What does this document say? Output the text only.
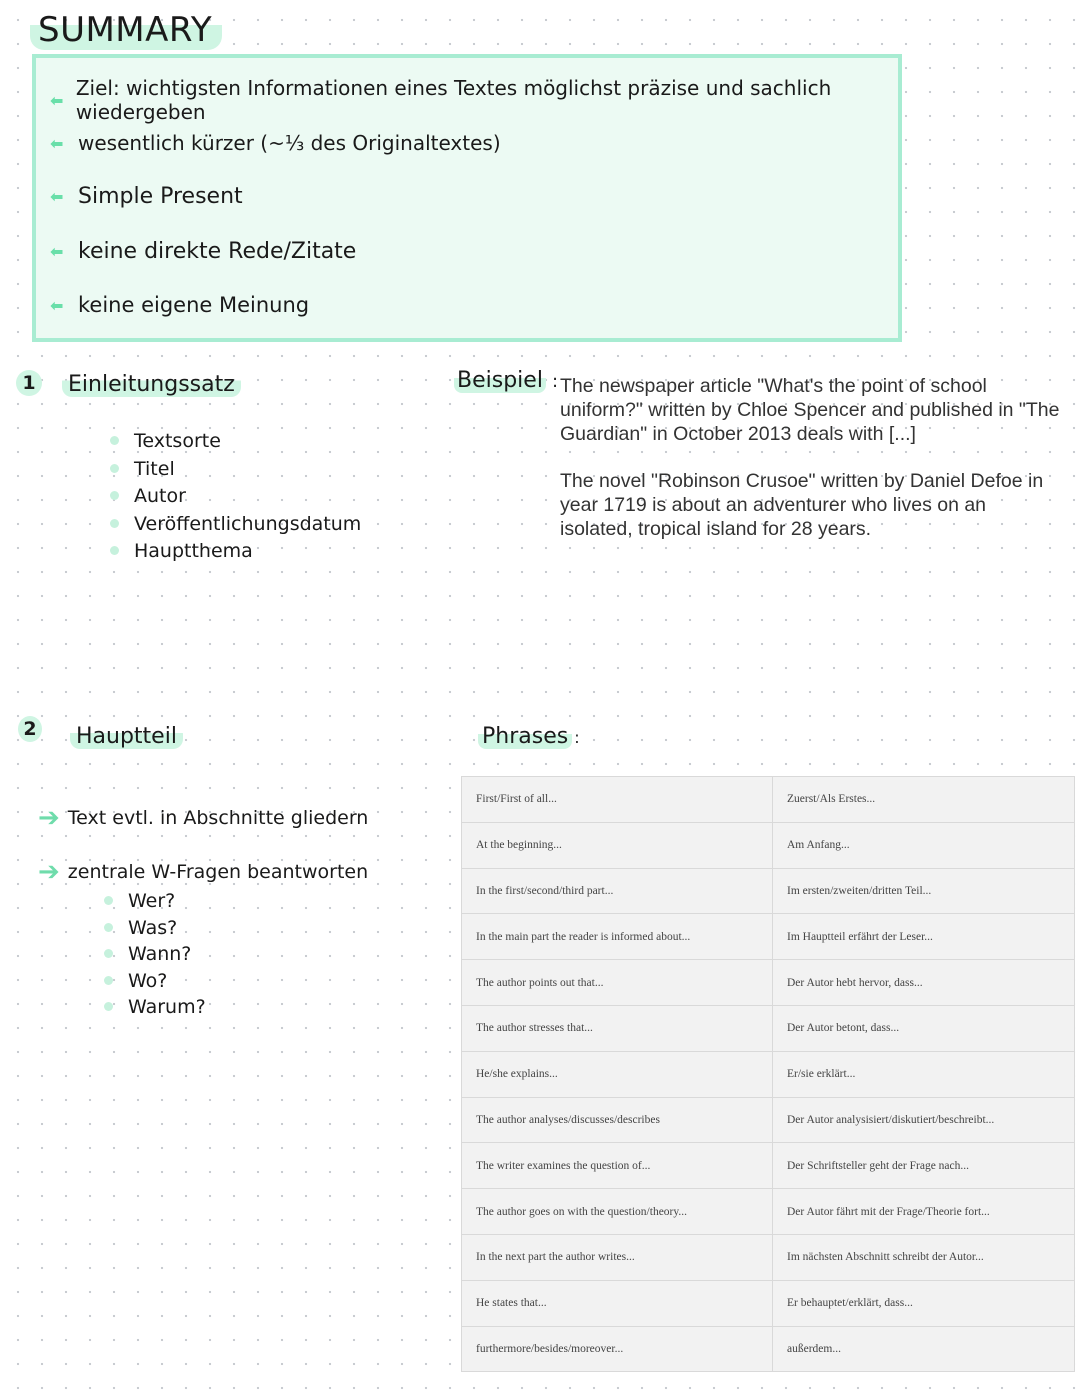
SUMMARY
⬅ Ziel: wichtigsten Informationen eines Textes möglichst präzise und sachlich wiedergeben
⬅ wesentlich kürzer (~⅓ des Originaltextes)
⬅ Simple Present
⬅ keine direkte Rede/Zitate
⬅ keine eigene Meinung
1 Einleitungssatz
Textsorte
Titel
Autor
Veröffentlichungsdatum
Hauptthema
Beispiel : The newspaper article "What's the point of school uniform?" written by Chloe Spencer and published in "The Guardian" in October 2013 deals with [...]
The novel "Robinson Crusoe" written by Daniel Defoe in year 1719 is about an adventurer who lives on an isolated, tropical island for 28 years.
2 Hauptteil
➔ Text evtl. in Abschnitte gliedern
➔ zentrale W-Fragen beantworten
Wer?
Was?
Wann?
Wo?
Warum?
Phrases :
First/First of all...	Zuerst/Als Erstes...
At the beginning...	Am Anfang...
In the first/second/third part...	Im ersten/zweiten/dritten Teil...
In the main part the reader is informed about...	Im Hauptteil erfährt der Leser...
The author points out that...	Der Autor hebt hervor, dass...
The author stresses that...	Der Autor betont, dass...
He/she explains...	Er/sie erklärt...
The author analyses/discusses/describes	Der Autor analysisiert/diskutiert/beschreibt...
The writer examines the question of...	Der Schriftsteller geht der Frage nach...
The author goes on with the question/theory...	Der Autor fährt mit der Frage/Theorie fort...
In the next part the author writes...	Im nächsten Abschnitt schreibt der Autor...
He states that...	Er behauptet/erklärt, dass...
furthermore/besides/moreover...	außerdem...
